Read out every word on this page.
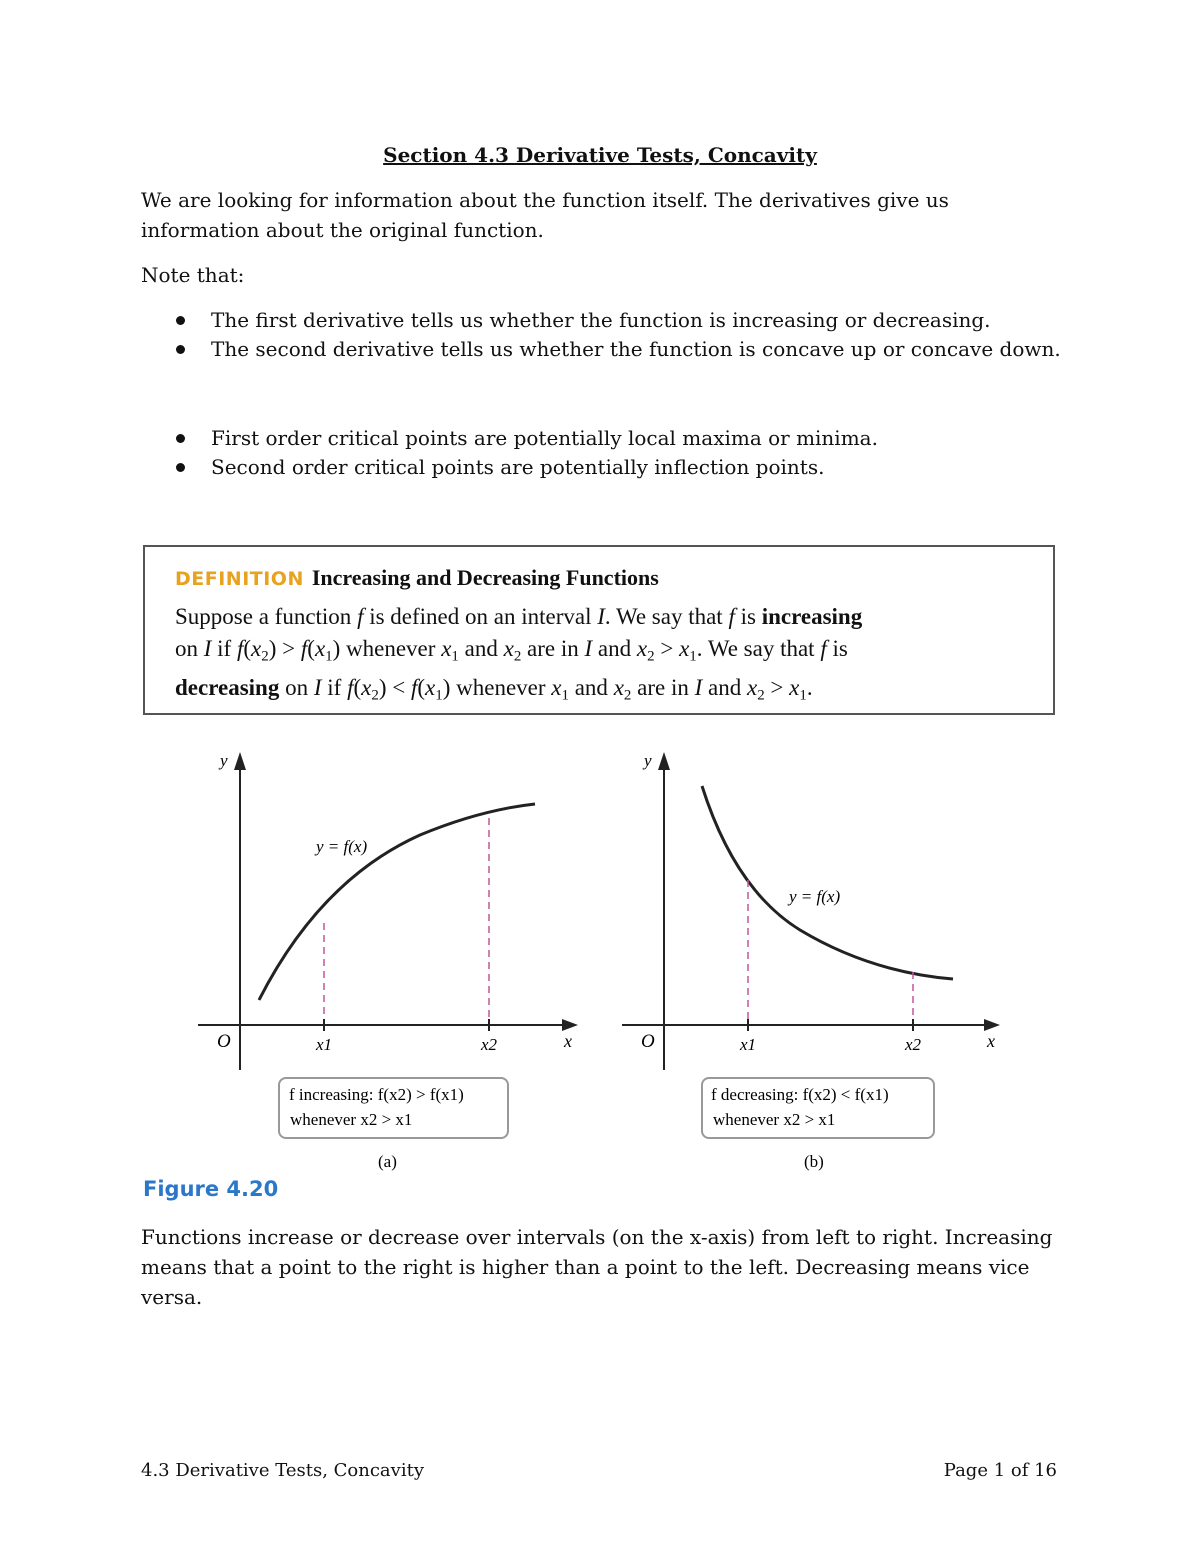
Section 4.3 Derivative Tests, Concavity
We are looking for information about the function itself. The derivatives give us information about the original function.
Note that:
The first derivative tells us whether the function is increasing or decreasing.
The second derivative tells us whether the function is concave up or concave down.
First order critical points are potentially local maxima or minima.
Second order critical points are potentially inflection points.
DEFINITION Increasing and Decreasing Functions
Suppose a function f is defined on an interval I. We say that f is increasing
on I if $f(x_2) > f(x_1)$ whenever $x_1$ and $x_2$ are in I and $x_2 > x_1$. We say that f is
decreasing on I if $f(x_2) < f(x_1)$ whenever $x_1$ and $x_2$ are in I and $x_2 > x_1$.
y
x
O	x1	x2
y = f(x)
f increasing: f(x2) > f(x1)
whenever x2 > x1
(a)
y
x
O	x1	x2
y = f(x)
f decreasing: f(x2) < f(x1)
whenever x2 > x1
(b)
Figure 4.20
Functions increase or decrease over intervals (on the x-axis) from left to right. Increasing means that a point to the right is higher than a point to the left. Decreasing means vice versa.
4.3 Derivative Tests, Concavity	Page 1 of 16
